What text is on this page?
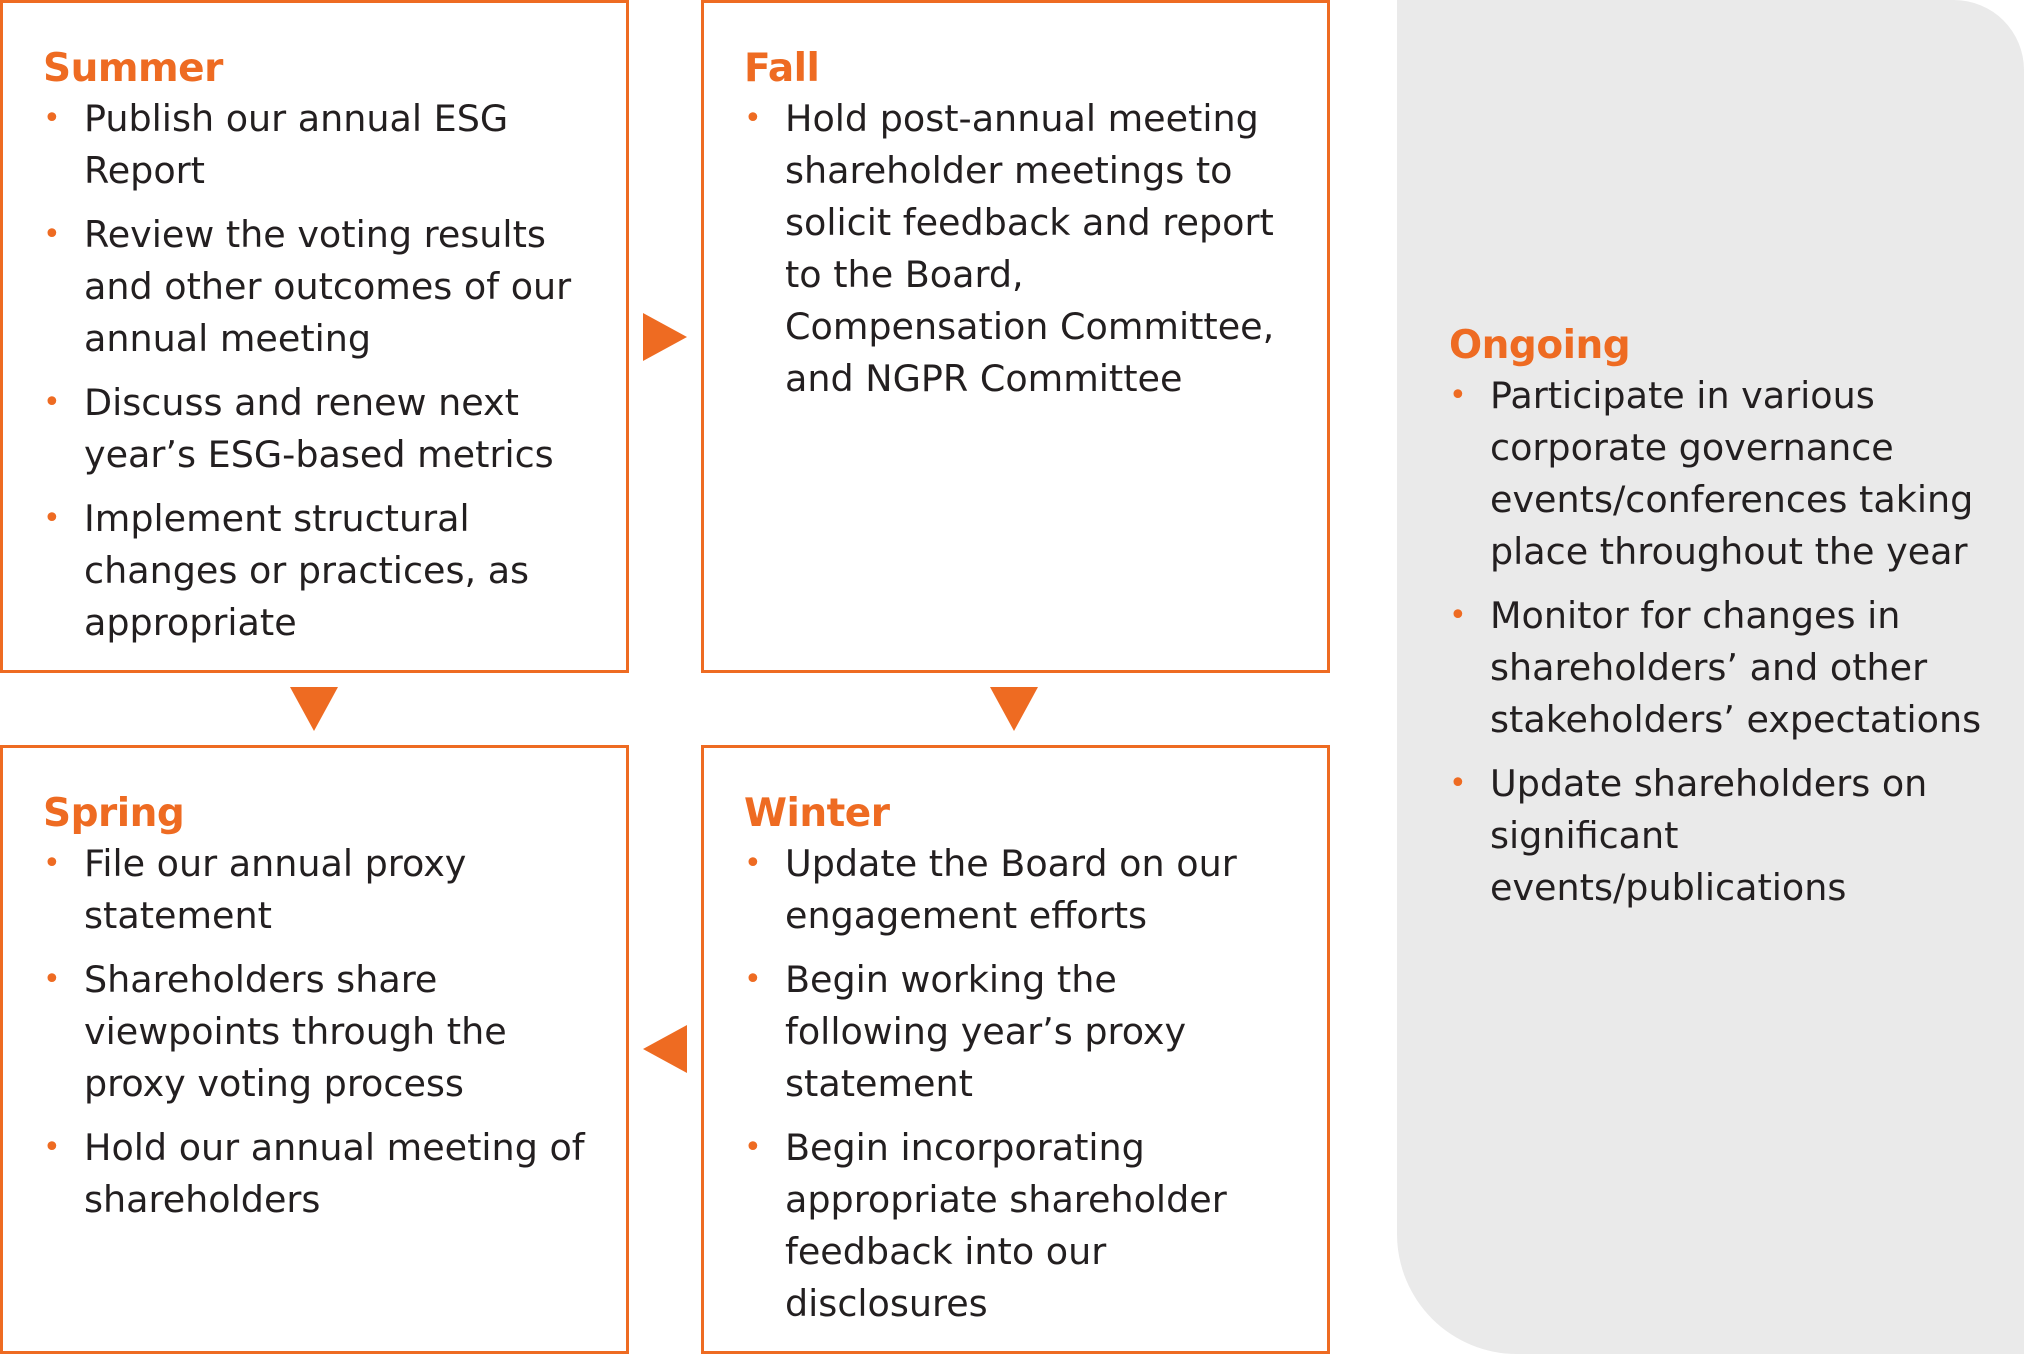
Summer
• Publish our annual ESG Report
• Review the voting results and other outcomes of our annual meeting
• Discuss and renew next year’s ESG-based metrics
• Implement structural changes or practices, as appropriate
Fall
• Hold post-annual meeting shareholder meetings to solicit feedback and report to the Board, Compensation Committee, and NGPR Committee
Spring
• File our annual proxy statement
• Shareholders share viewpoints through the proxy voting process
• Hold our annual meeting of shareholders
Winter
• Update the Board on our engagement efforts
• Begin working the following year’s proxy statement
• Begin incorporating appropriate shareholder feedback into our disclosures
Ongoing
• Participate in various corporate governance events/conferences taking place throughout the year
• Monitor for changes in shareholders’ and other stakeholders’ expectations
• Update shareholders on significant events/publications
